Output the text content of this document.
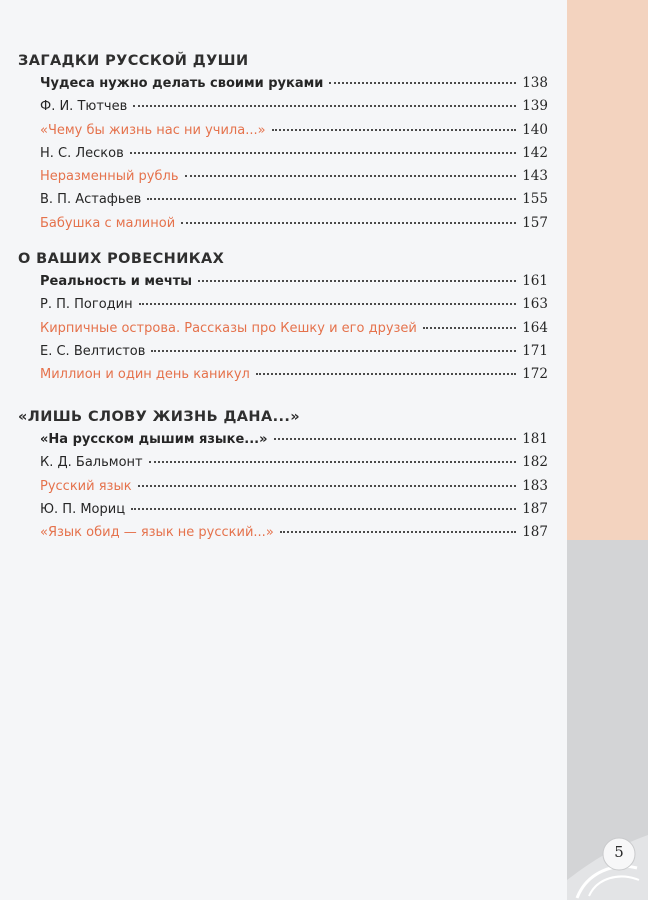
5
ЗАГАДКИ РУССКОЙ ДУШИ
Чудеса нужно делать своими руками	138
Ф. И. Тютчев	139
«Чему бы жизнь нас ни учила...»	140
Н. С. Лесков	142
Неразменный рубль	143
В. П. Астафьев	155
Бабушка с малиной	157
О ВАШИХ РОВЕСНИКАХ
Реальность и мечты	161
Р. П. Погодин	163
Кирпичные острова. Рассказы про Кешку и его друзей	164
Е. С. Велтистов	171
Миллион и один день каникул	172
«ЛИШЬ СЛОВУ ЖИЗНЬ ДАНА...»
«На русском дышим языке...»	181
К. Д. Бальмонт	182
Русский язык	183
Ю. П. Мориц	187
«Язык обид — язык не русский...»	187
